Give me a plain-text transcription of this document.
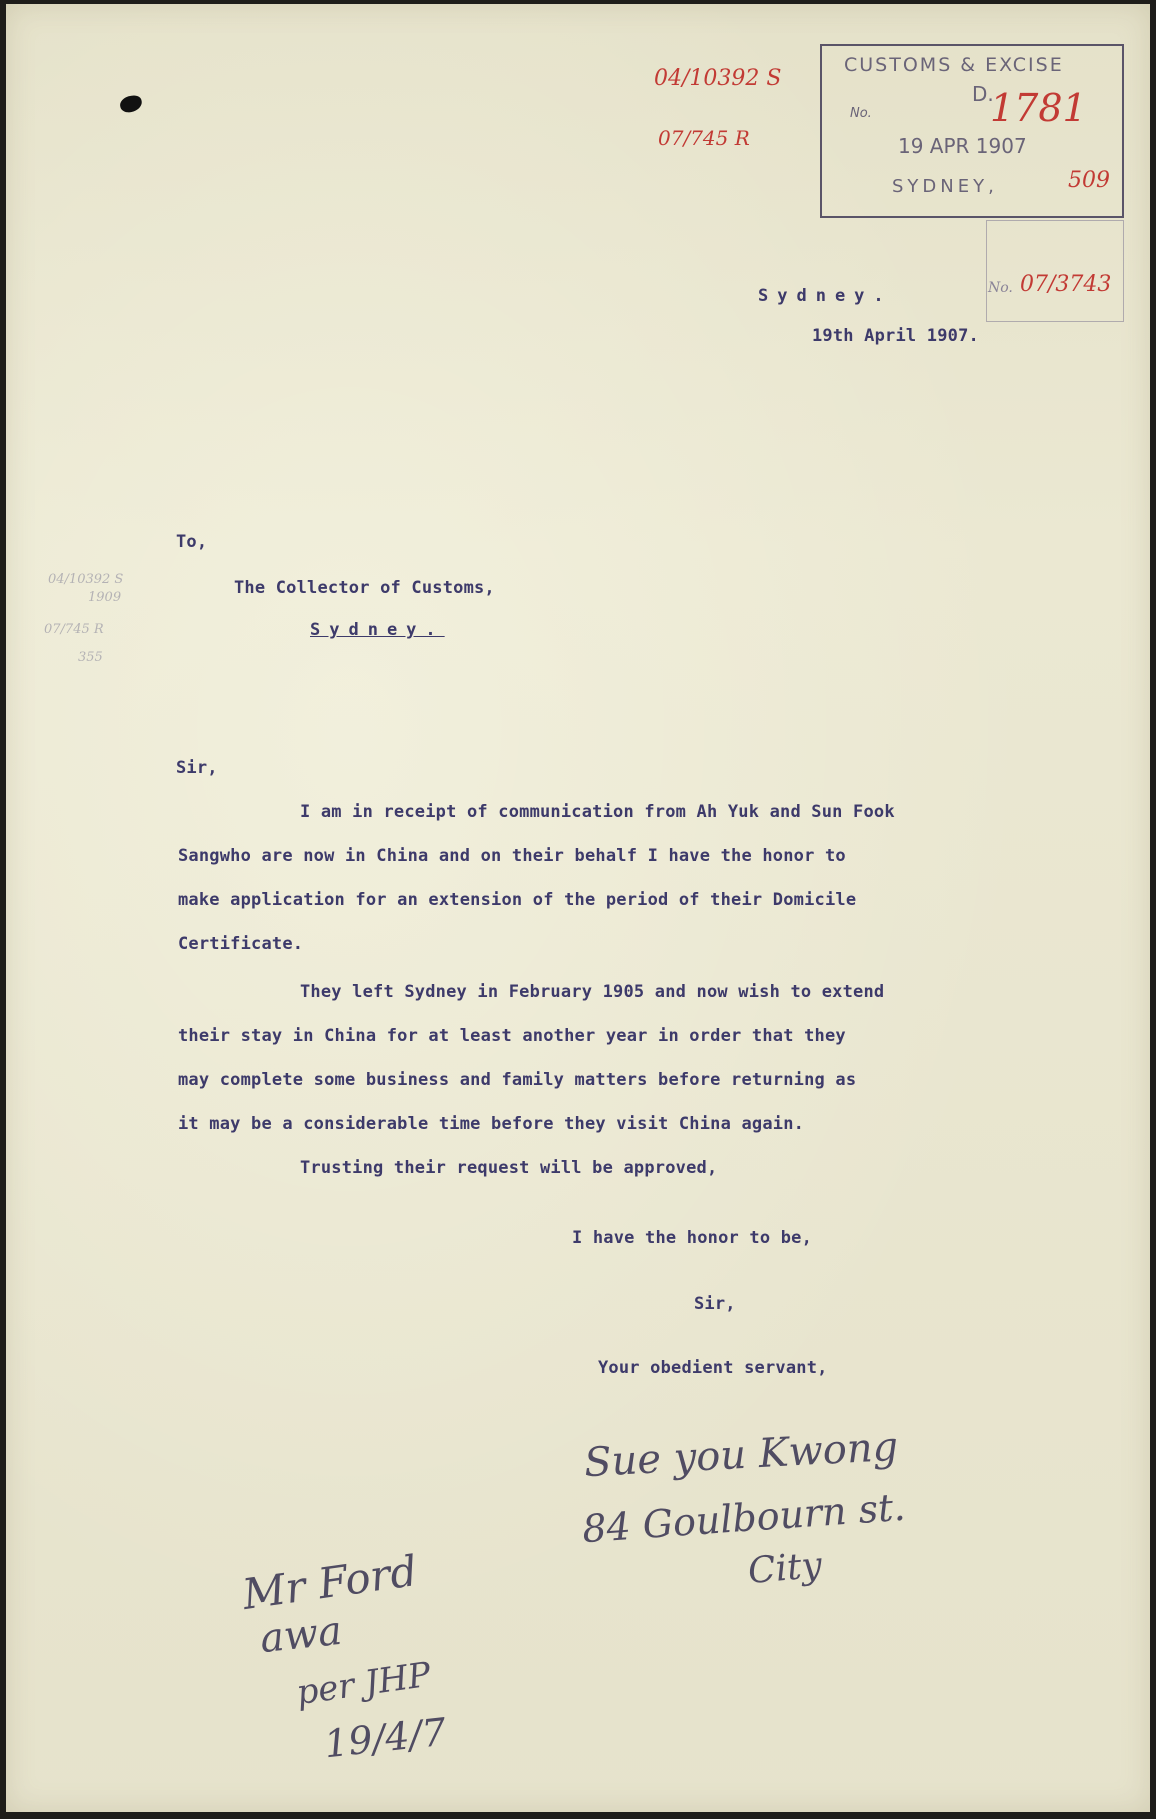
04/10392 S
07/745 R
CUSTOMS & EXCISE
D.
No.	1781
19 APR 1907
SYDNEY,	509
No. 07/3743
Sydney.
19th April 1907.
To,
The Collector of Customs,
Sydney.
04/10392 S
1909
07/745 R
355
Sir,
I am in receipt of communication from Ah Yuk and Sun Fook
Sangwho are now in China and on their behalf I have the honor to
make application for an extension of the period of their Domicile
Certificate.
They left Sydney in February 1905 and now wish to extend
their stay in China for at least another year in order that they
may complete some business and family matters before returning as
it may be a considerable time before they visit China again.
Trusting their request will be approved,
I have the honor to be,
Sir,
Your obedient servant,
Sue you Kwong
84 Goulbourn st.
City
Mr Ford
awa
per JHP
19/4/7
